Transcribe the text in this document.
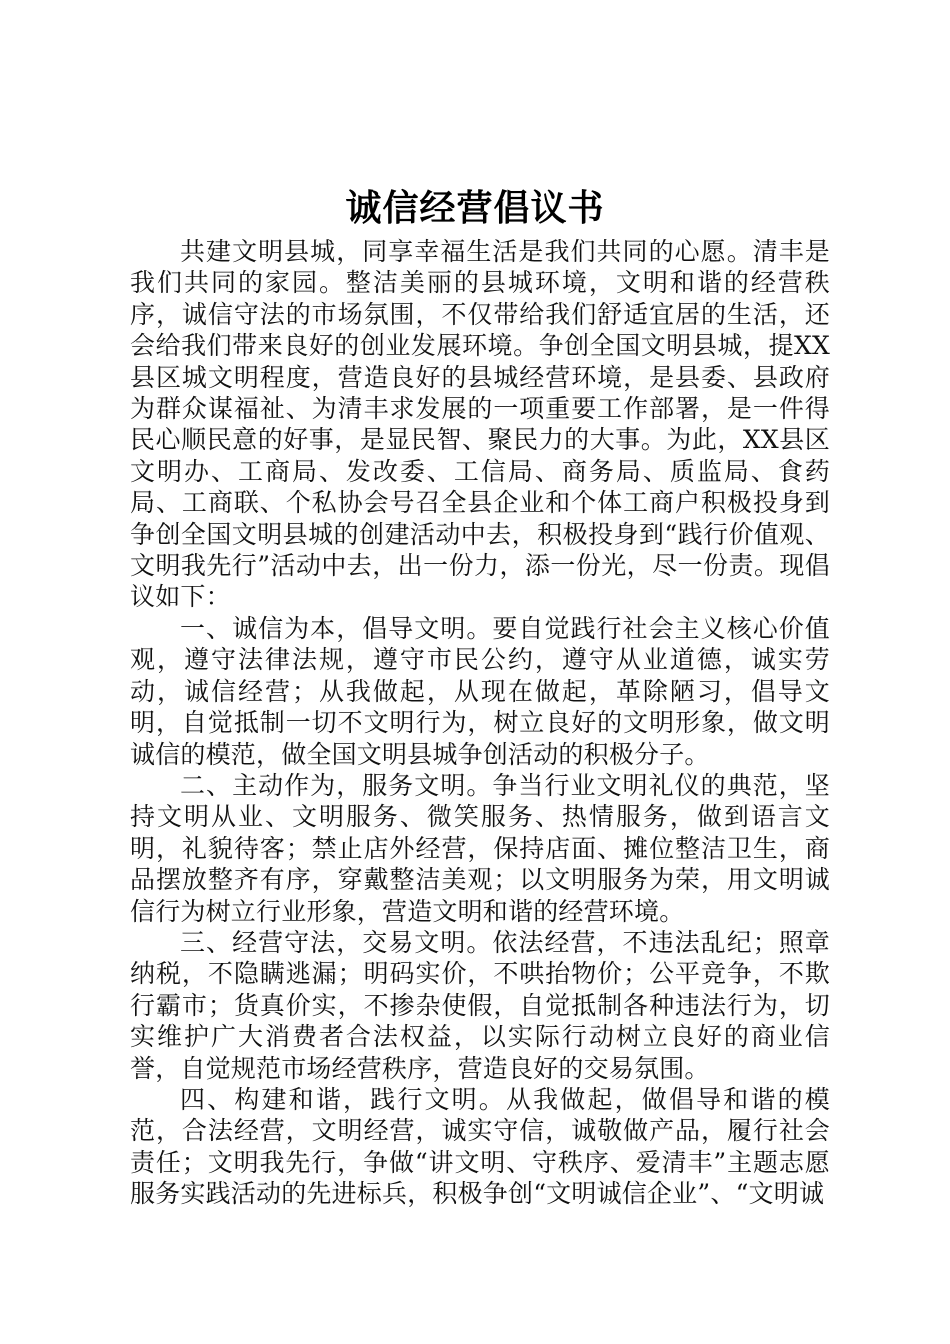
诚信经营倡议书

共建文明县城，同享幸福生活是我们共同的心愿。清丰是我们共同的家园。整洁美丽的县城环境，文明和谐的经营秩序，诚信守法的市场氛围，不仅带给我们舒适宜居的生活，还会给我们带来良好的创业发展环境。争创全国文明县城，提XX县区城文明程度，营造良好的县城经营环境，是县委、县政府为群众谋福祉、为清丰求发展的一项重要工作部署，是一件得民心顺民意的好事，是显民智、聚民力的大事。为此，XX县区文明办、工商局、发改委、工信局、商务局、质监局、食药局、工商联、个私协会号召全县企业和个体工商户积极投身到争创全国文明县城的创建活动中去，积极投身到“践行价值观、文明我先行”活动中去，出一份力，添一份光，尽一份责。现倡议如下：

一、诚信为本，倡导文明。要自觉践行社会主义核心价值观，遵守法律法规，遵守市民公约，遵守从业道德，诚实劳动，诚信经营；从我做起，从现在做起，革除陋习，倡导文明，自觉抵制一切不文明行为，树立良好的文明形象，做文明诚信的模范，做全国文明县城争创活动的积极分子。

二、主动作为，服务文明。争当行业文明礼仪的典范，坚持文明从业、文明服务、微笑服务、热情服务，做到语言文明，礼貌待客；禁止店外经营，保持店面、摊位整洁卫生，商品摆放整齐有序，穿戴整洁美观；以文明服务为荣，用文明诚信行为树立行业形象，营造文明和谐的经营环境。

三、经营守法，交易文明。依法经营，不违法乱纪；照章纳税，不隐瞒逃漏；明码实价，不哄抬物价；公平竞争，不欺行霸市；货真价实，不掺杂使假，自觉抵制各种违法行为，切实维护广大消费者合法权益，以实际行动树立良好的商业信誉，自觉规范市场经营秩序，营造良好的交易氛围。

四、构建和谐，践行文明。从我做起，做倡导和谐的模范，合法经营，文明经营，诚实守信，诚敬做产品，履行社会责任；文明我先行，争做“讲文明、守秩序、爱清丰”主题志愿服务实践活动的先进标兵，积极争创“文明诚信企业”、“文明诚
